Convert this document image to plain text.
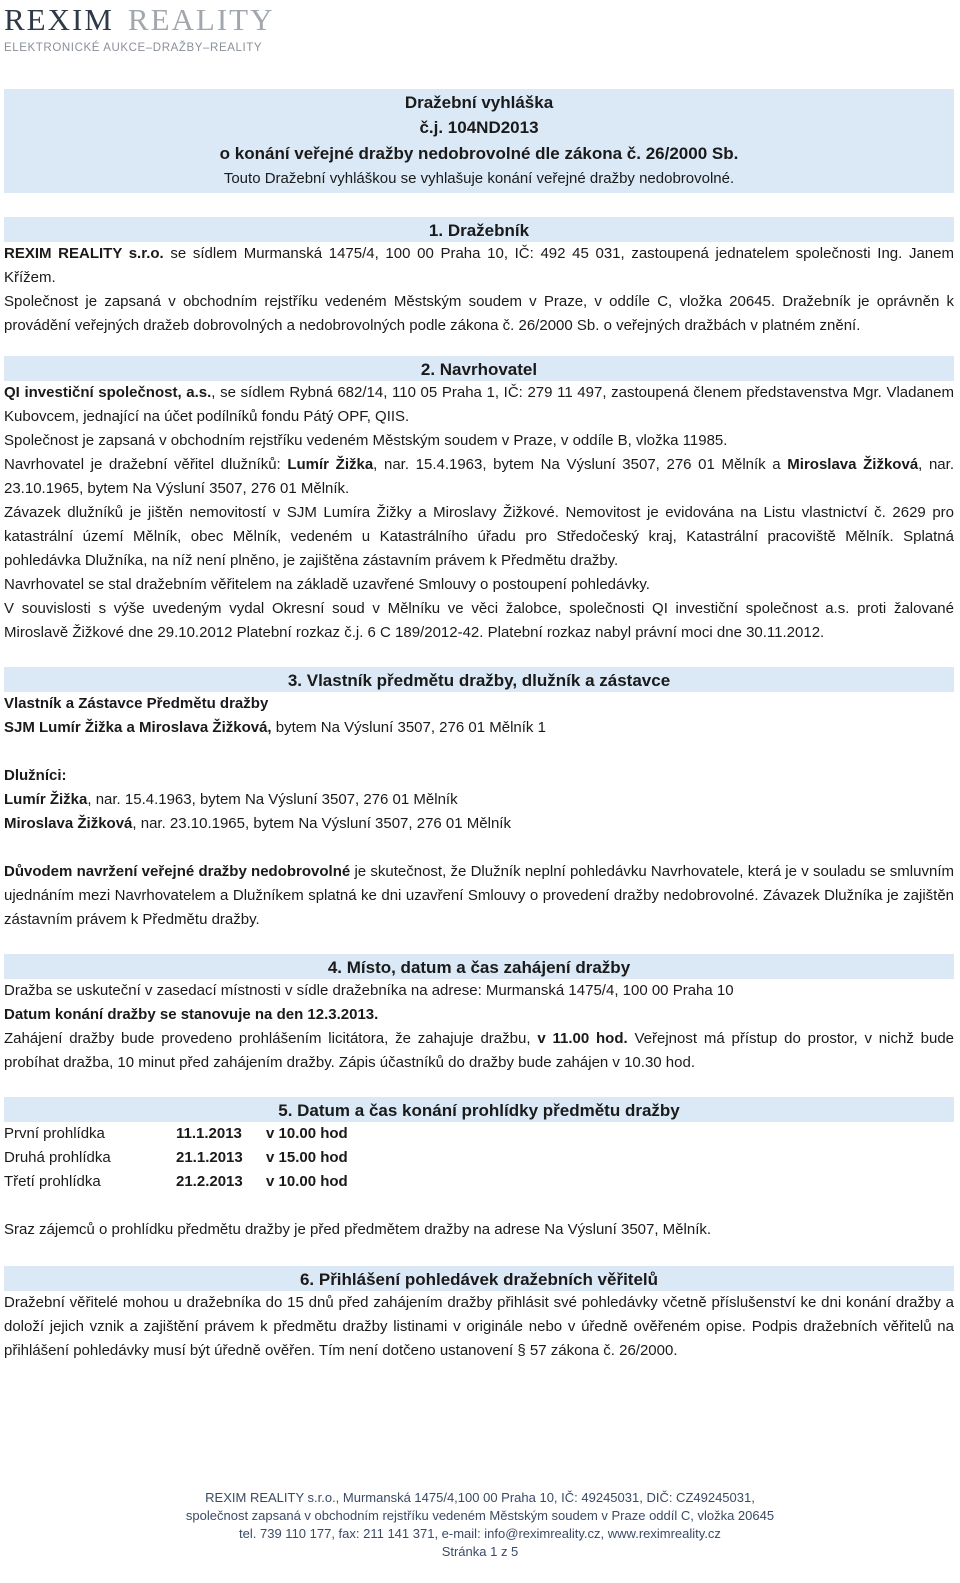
REXIM REALITY
ELEKTRONICKÉ AUKCE–DRAŽBY–REALITY
Dražební vyhláška
č.j. 104ND2013
o konání veřejné dražby nedobrovolné dle zákona č. 26/2000 Sb.
Touto Dražební vyhláškou se vyhlašuje konání veřejné dražby nedobrovolné.
1. Dražebník

REXIM REALITY s.r.o. se sídlem Murmanská 1475/4, 100 00 Praha 10, IČ: 492 45 031, zastoupená jednatelem společnosti Ing. Janem Křížem.

Společnost je zapsaná v obchodním rejstříku vedeném Městským soudem v Praze, v oddíle C, vložka 20645. Dražebník je oprávněn k provádění veřejných dražeb dobrovolných a nedobrovolných podle zákona č. 26/2000 Sb. o veřejných dražbách v platném znění.

2. Navrhovatel

QI investiční společnost, a.s., se sídlem Rybná 682/14, 110 05 Praha 1, IČ: 279 11 497, zastoupená členem představenstva Mgr. Vladanem Kubovcem, jednající na účet podílníků fondu Pátý OPF, QIIS.

Společnost je zapsaná v obchodním rejstříku vedeném Městským soudem v Praze, v oddíle B, vložka 11985.

Navrhovatel je dražební věřitel dlužníků: Lumír Žižka, nar. 15.4.1963, bytem Na Výsluní 3507, 276 01 Mělník a Miroslava Žižková, nar. 23.10.1965, bytem Na Výsluní 3507, 276 01 Mělník.

Závazek dlužníků je jištěn nemovitostí v SJM Lumíra Žižky a Miroslavy Žižkové. Nemovitost je evidována na Listu vlastnictví č. 2629 pro katastrální území Mělník, obec Mělník, vedeném u Katastrálního úřadu pro Středočeský kraj, Katastrální pracoviště Mělník. Splatná pohledávka Dlužníka, na níž není plněno, je zajištěna zástavním právem k Předmětu dražby.

Navrhovatel se stal dražebním věřitelem na základě uzavřené Smlouvy o postoupení pohledávky.

V souvislosti s výše uvedeným vydal Okresní soud v Mělníku ve věci žalobce, společnosti QI investiční společnost a.s. proti žalované Miroslavě Žižkové dne 29.10.2012 Platební rozkaz č.j. 6 C 189/2012-42. Platební rozkaz nabyl právní moci dne 30.11.2012.

3. Vlastník předmětu dražby, dlužník a zástavce

Vlastník a Zástavce Předmětu dražby

SJM Lumír Žižka a Miroslava Žižková, bytem Na Výsluní 3507, 276 01 Mělník 1

Dlužníci:

Lumír Žižka, nar. 15.4.1963, bytem Na Výsluní 3507, 276 01 Mělník

Miroslava Žižková, nar. 23.10.1965, bytem Na Výsluní 3507, 276 01 Mělník

Důvodem navržení veřejné dražby nedobrovolné je skutečnost, že Dlužník neplní pohledávku Navrhovatele, která je v souladu se smluvním ujednáním mezi Navrhovatelem a Dlužníkem splatná ke dni uzavření Smlouvy o provedení dražby nedobrovolné. Závazek Dlužníka je zajištěn zástavním právem k Předmětu dražby.

4. Místo, datum a čas zahájení dražby

Dražba se uskuteční v zasedací místnosti v sídle dražebníka na adrese: Murmanská 1475/4, 100 00 Praha 10

Datum konání dražby se stanovuje na den 12.3.2013.

Zahájení dražby bude provedeno prohlášením licitátora, že zahajuje dražbu, v 11.00 hod. Veřejnost má přístup do prostor, v nichž bude probíhat dražba, 10 minut před zahájením dražby. Zápis účastníků do dražby bude zahájen v 10.30 hod.

5. Datum a čas konání prohlídky předmětu dražby
První prohlídka	11.1.2013	v 10.00 hod
Druhá prohlídka	21.1.2013	v 15.00 hod
Třetí prohlídka	21.2.2013	v 10.00 hod

Sraz zájemců o prohlídku předmětu dražby je před předmětem dražby na adrese Na Výsluní 3507, Mělník.

6. Přihlášení pohledávek dražebních věřitelů

Dražební věřitelé mohou u dražebníka do 15 dnů před zahájením dražby přihlásit své pohledávky včetně příslušenství ke dni konání dražby a doloží jejich vznik a zajištění právem k předmětu dražby listinami v originále nebo v úředně ověřeném opise. Podpis dražebních věřitelů na přihlášení pohledávky musí být úředně ověřen. Tím není dotčeno ustanovení § 57 zákona č. 26/2000.

REXIM REALITY s.r.o., Murmanská 1475/4,100 00 Praha 10, IČ: 49245031, DIČ: CZ49245031,
společnost zapsaná v obchodním rejstříku vedeném Městským soudem v Praze oddíl C, vložka 20645
tel. 739 110 177, fax: 211 141 371, e-mail: info@reximreality.cz, www.reximreality.cz
Stránka 1 z 5
